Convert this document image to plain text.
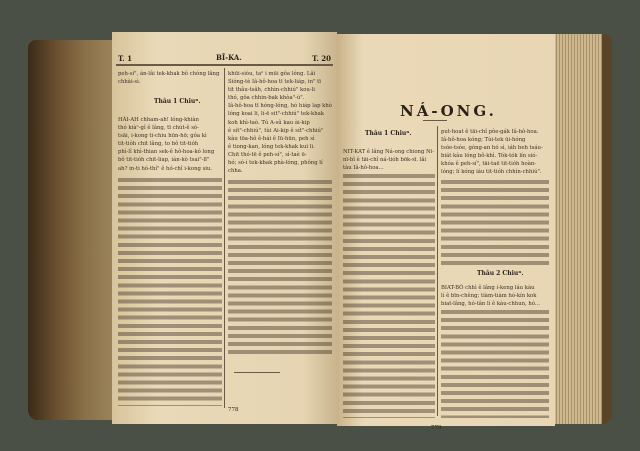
T. 1	BÎ-KA.	T. 20

peh-sí", án-lâi tek-khak bô chóng lâng

chhài-sì.

Thâu 1 Chiuⁿ.

HÂI-AH chham-ah! lóng-khiàn

thó kiàⁿ-gî ê lâng, tī chút-ê só-

tsāi, i-kong ti-chiu hūn-hō; gôa kì

tit-tióh chit lâng, to bô tit-tióh

phì-lî khì-thian sek-ê hô-hoa-kó long

bô tit-tióh chit-liap, ián-kò tsai"-lī"

ah? in-ti hó-thí" ê hó-chî i-kong siu.

khūi-sióu, taⁿ i mūi gôa lóng. Lâi

Sióng-tè Iâ-hô-hoa tī tek-liáp, in" tī

tit thâu-tsâh, chhìn-chhiú" kou-li

thó, gôa chhin-bak khòa"-ù".

Iâ-hô-hoa tī hóng-lóng, hó hiáp lap khò

lóng koai li, lí-ē sit"-chhiú" tek-khak

koh khì-taò. Tú A-sû kau ài-kip

ê sít"-chhiú", tùi Ai-kip ê sít"-chhiú"

kàu tōa-hô ê-hái ê Iū-hūn, peh sì

ê tiong-kan, lóng tek-khak kui li.

Chit thó-tē ê peh-sí", sì-taè ū-

hó; só-í tek-khak phà-lóng, phông lí

chha.

778
NÁ-ONG.
Thâu 1 Chiuⁿ.

NIT-KAT ê lâng Ná-ong chiong Ni-

nī-bî ê tāi-chî ná-tióh bōk-sī. lâi

tàu Iâ-hô-hoa...

put-hoat ê tāi-chî pôe-gák Iâ-hô-hoa.

Iâ-hô-hoa kóng; Tùi-tek ūi-hóng

tsóe-tsóe, góng-an hó sì, iáh beh tsáu-

biát kàu lóng bô-khì. Tók-tók lín sió-

khóa ê peh-sí", tāi-taē tit-tióh hoàn-

lóng; lí kóng iáu tit-tióh chhìn-chhiú".

Thâu 2 Chiuⁿ.

BIAT-BÔ chhì ê lâng í-keng láu kàu

lí ê bīn-chêng; tiàm-tiàm hó-kín kok

biat-lâng, hó-tân lí ê kàu-chhun, hó...

779
